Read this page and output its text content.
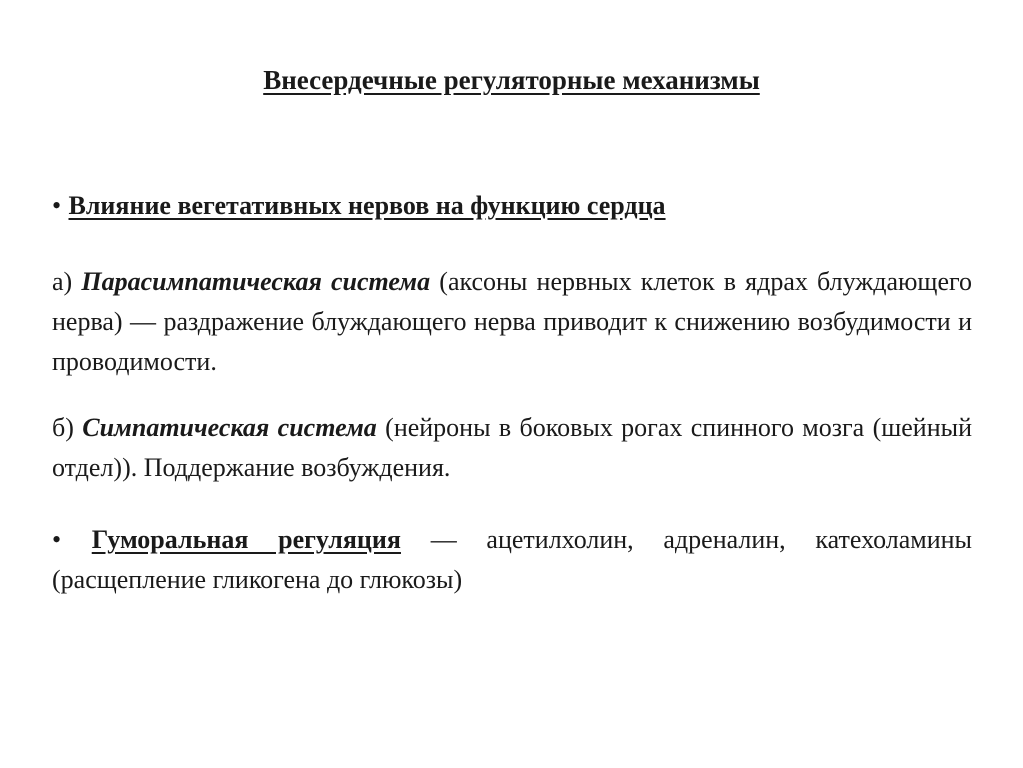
Внесердечные регуляторные механизмы
• Влияние вегетативных нервов на функцию сердца
а) Парасимпатическая система (аксоны нервных клеток в ядрах блуждающего нерва) — раздражение блуждающего нерва приводит к снижению возбудимости и проводимости.
б) Симпатическая система (нейроны в боковых рогах спинного мозга (шейный отдел)). Поддержание возбуждения.
• Гуморальная регуляция — ацетилхолин, адреналин, катехоламины (расщепление гликогена до глюкозы)
